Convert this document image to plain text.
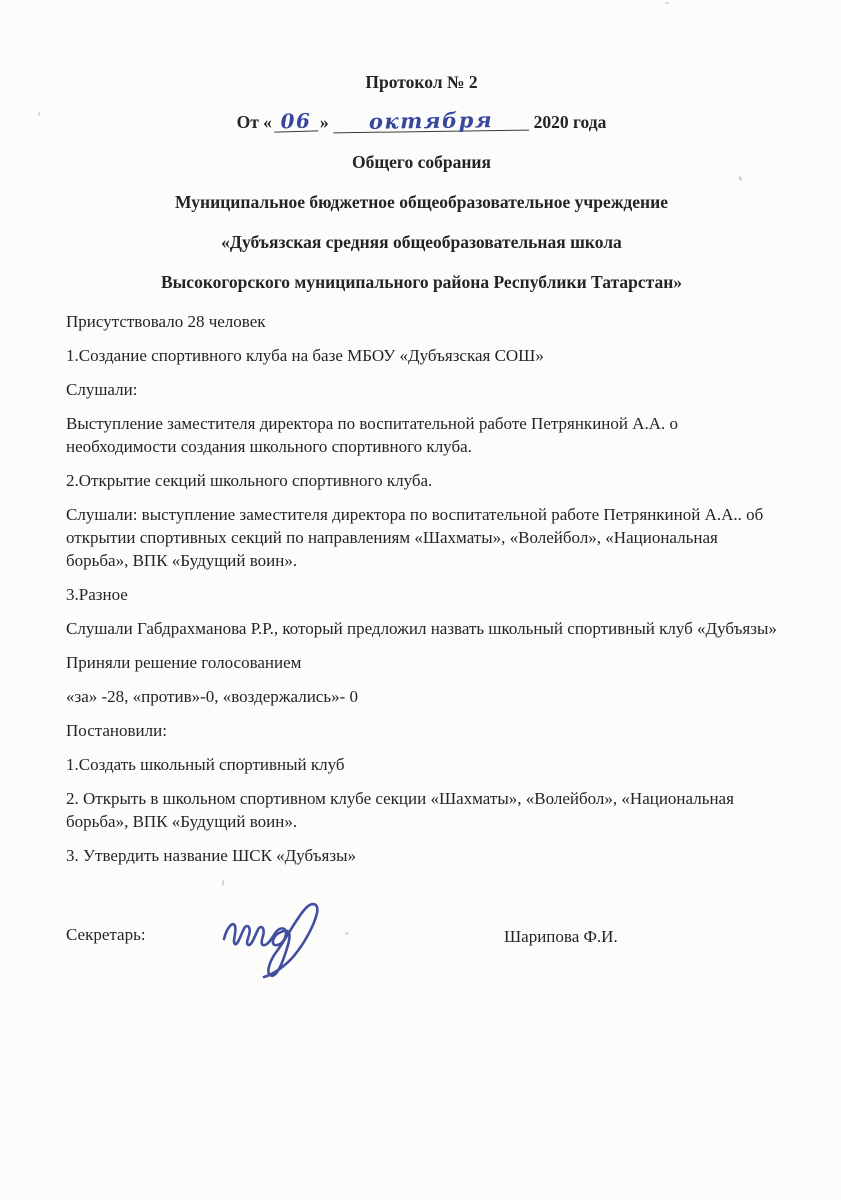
Протокол № 2
От « 06 » октября 2020 года
Общего собрания
Муниципальное бюджетное общеобразовательное учреждение
«Дубъязская средняя общеобразовательная школа
Высокогорского муниципального района Республики Татарстан»

Присутствовало 28 человек

1.Создание спортивного клуба на базе МБОУ «Дубъязская СОШ»

Слушали:

Выступление заместителя директора по воспитательной работе Петрянкиной А.А. о необходимости создания школьного спортивного клуба.

2.Открытие секций школьного спортивного клуба.

Слушали: выступление заместителя директора по воспитательной работе Петрянкиной А.А.. об открытии спортивных секций по направлениям «Шахматы», «Волейбол», «Национальная борьба», ВПК «Будущий воин».

3.Разное

Слушали Габдрахманова Р.Р., который предложил назвать школьный спортивный клуб «Дубъязы»

Приняли решение голосованием

«за» -28, «против»-0, «воздержались»- 0

Постановили:

1.Создать школьный спортивный клуб

2. Открыть в школьном спортивном клубе секции «Шахматы», «Волейбол», «Национальная борьба», ВПК «Будущий воин».

3. Утвердить название ШСК «Дубъязы»

Секретарь:	Шарипова Ф.И.
